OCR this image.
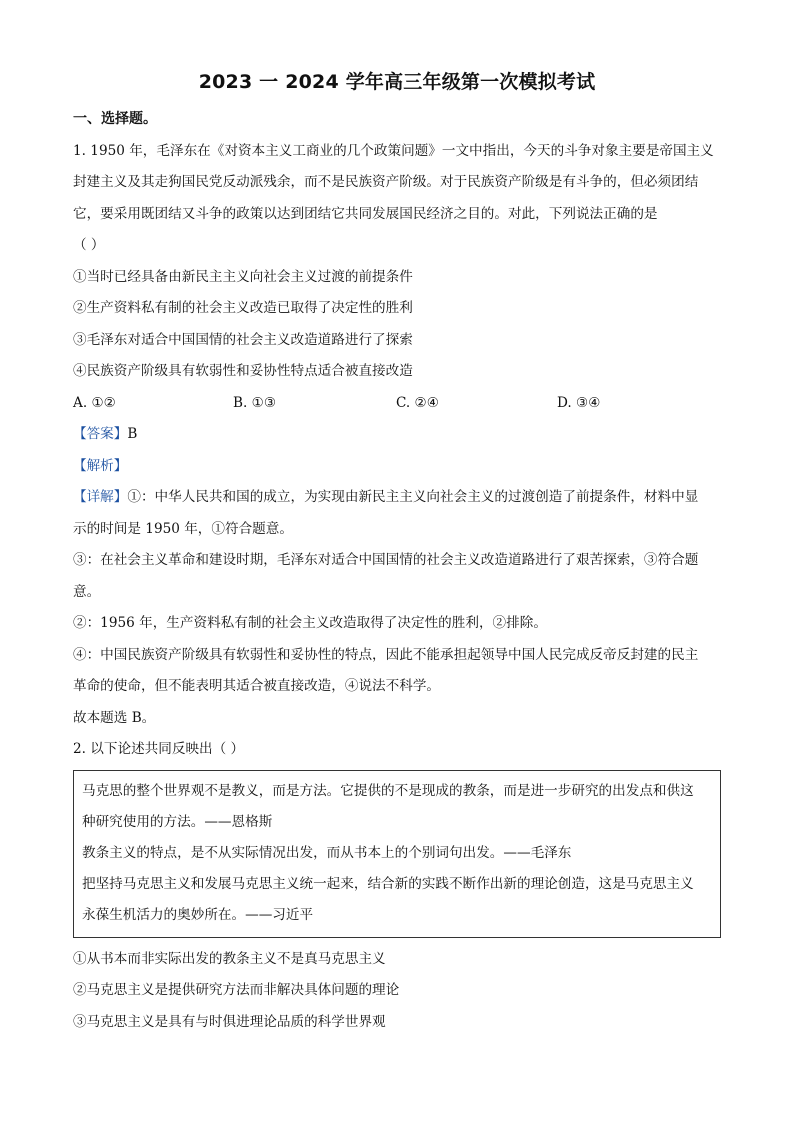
2023 一 2024 学年高三年级第一次模拟考试
一、选择题。
1. 1950 年，毛泽东在《对资本主义工商业的几个政策问题》一文中指出，今天的斗争对象主要是帝国主义
封建主义及其走狗国民党反动派残余，而不是民族资产阶级。对于民族资产阶级是有斗争的，但必须团结
它，要采用既团结又斗争的政策以达到团结它共同发展国民经济之目的。对此，下列说法正确的是
（ ）
①当时已经具备由新民主主义向社会主义过渡的前提条件
②生产资料私有制的社会主义改造已取得了决定性的胜利
③毛泽东对适合中国国情的社会主义改造道路进行了探索
④民族资产阶级具有软弱性和妥协性特点适合被直接改造
A. ①②	B. ①③	C. ②④	D. ③④
【答案】B
【解析】
【详解】①：中华人民共和国的成立，为实现由新民主主义向社会主义的过渡创造了前提条件，材料中显
示的时间是 1950 年，①符合题意。
③：在社会主义革命和建设时期，毛泽东对适合中国国情的社会主义改造道路进行了艰苦探索，③符合题
意。
②：1956 年，生产资料私有制的社会主义改造取得了决定性的胜利，②排除。
④：中国民族资产阶级具有软弱性和妥协性的特点，因此不能承担起领导中国人民完成反帝反封建的民主
革命的使命，但不能表明其适合被直接改造，④说法不科学。
故本题选 B。
2. 以下论述共同反映出（ ）
马克思的整个世界观不是教义，而是方法。它提供的不是现成的教条，而是进一步研究的出发点和供这
种研究使用的方法。——恩格斯
教条主义的特点，是不从实际情况出发，而从书本上的个别词句出发。——毛泽东
把坚持马克思主义和发展马克思主义统一起来，结合新的实践不断作出新的理论创造，这是马克思主义
永葆生机活力的奥妙所在。——习近平
①从书本而非实际出发的教条主义不是真马克思主义
②马克思主义是提供研究方法而非解决具体问题的理论
③马克思主义是具有与时俱进理论品质的科学世界观
